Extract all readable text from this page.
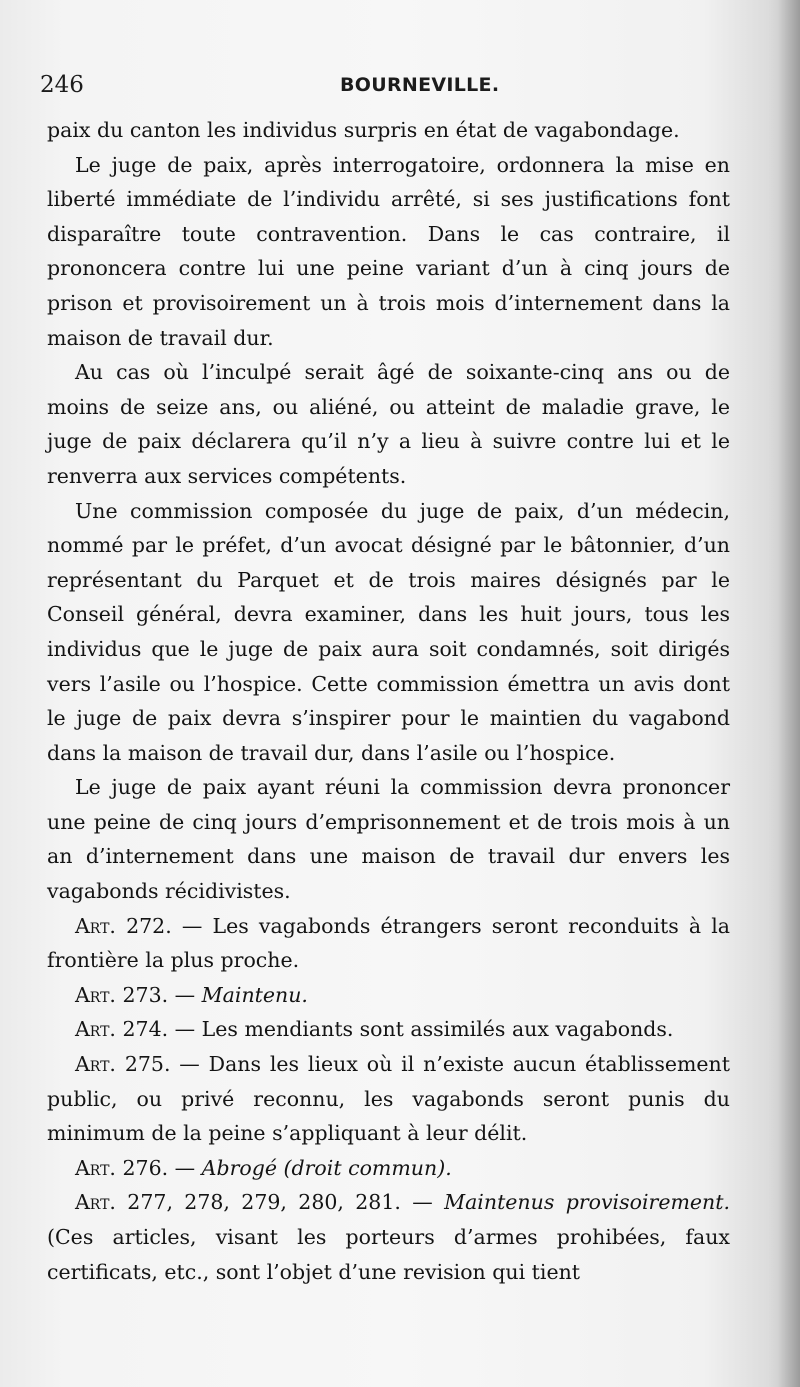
246	BOURNEVILLE.

paix du canton les individus surpris en état de vagabondage.

Le juge de paix, après interrogatoire, ordonnera la mise en liberté immédiate de l’individu arrêté, si ses justifications font disparaître toute contravention. Dans le cas contraire, il prononcera contre lui une peine variant d’un à cinq jours de prison et provisoirement un à trois mois d’internement dans la maison de travail dur.

Au cas où l’inculpé serait âgé de soixante-cinq ans ou de moins de seize ans, ou aliéné, ou atteint de maladie grave, le juge de paix déclarera qu’il n’y a lieu à suivre contre lui et le renverra aux services compétents.

Une commission composée du juge de paix, d’un médecin, nommé par le préfet, d’un avocat désigné par le bâtonnier, d’un représentant du Parquet et de trois maires désignés par le Conseil général, devra examiner, dans les huit jours, tous les individus que le juge de paix aura soit condamnés, soit dirigés vers l’asile ou l’hospice. Cette commission émettra un avis dont le juge de paix devra s’inspirer pour le maintien du vagabond dans la maison de travail dur, dans l’asile ou l’hospice.

Le juge de paix ayant réuni la commission devra prononcer une peine de cinq jours d’emprisonnement et de trois mois à un an d’internement dans une maison de travail dur envers les vagabonds récidivistes.

Art. 272. — Les vagabonds étrangers seront reconduits à la frontière la plus proche.

Art. 273. — Maintenu.

Art. 274. — Les mendiants sont assimilés aux vagabonds.

Art. 275. — Dans les lieux où il n’existe aucun établissement public, ou privé reconnu, les vagabonds seront punis du minimum de la peine s’appliquant à leur délit.

Art. 276. — Abrogé (droit commun).

Art. 277, 278, 279, 280, 281. — Maintenus provisoirement. (Ces articles, visant les porteurs d’armes prohibées, faux certificats, etc., sont l’objet d’une revision qui tient
